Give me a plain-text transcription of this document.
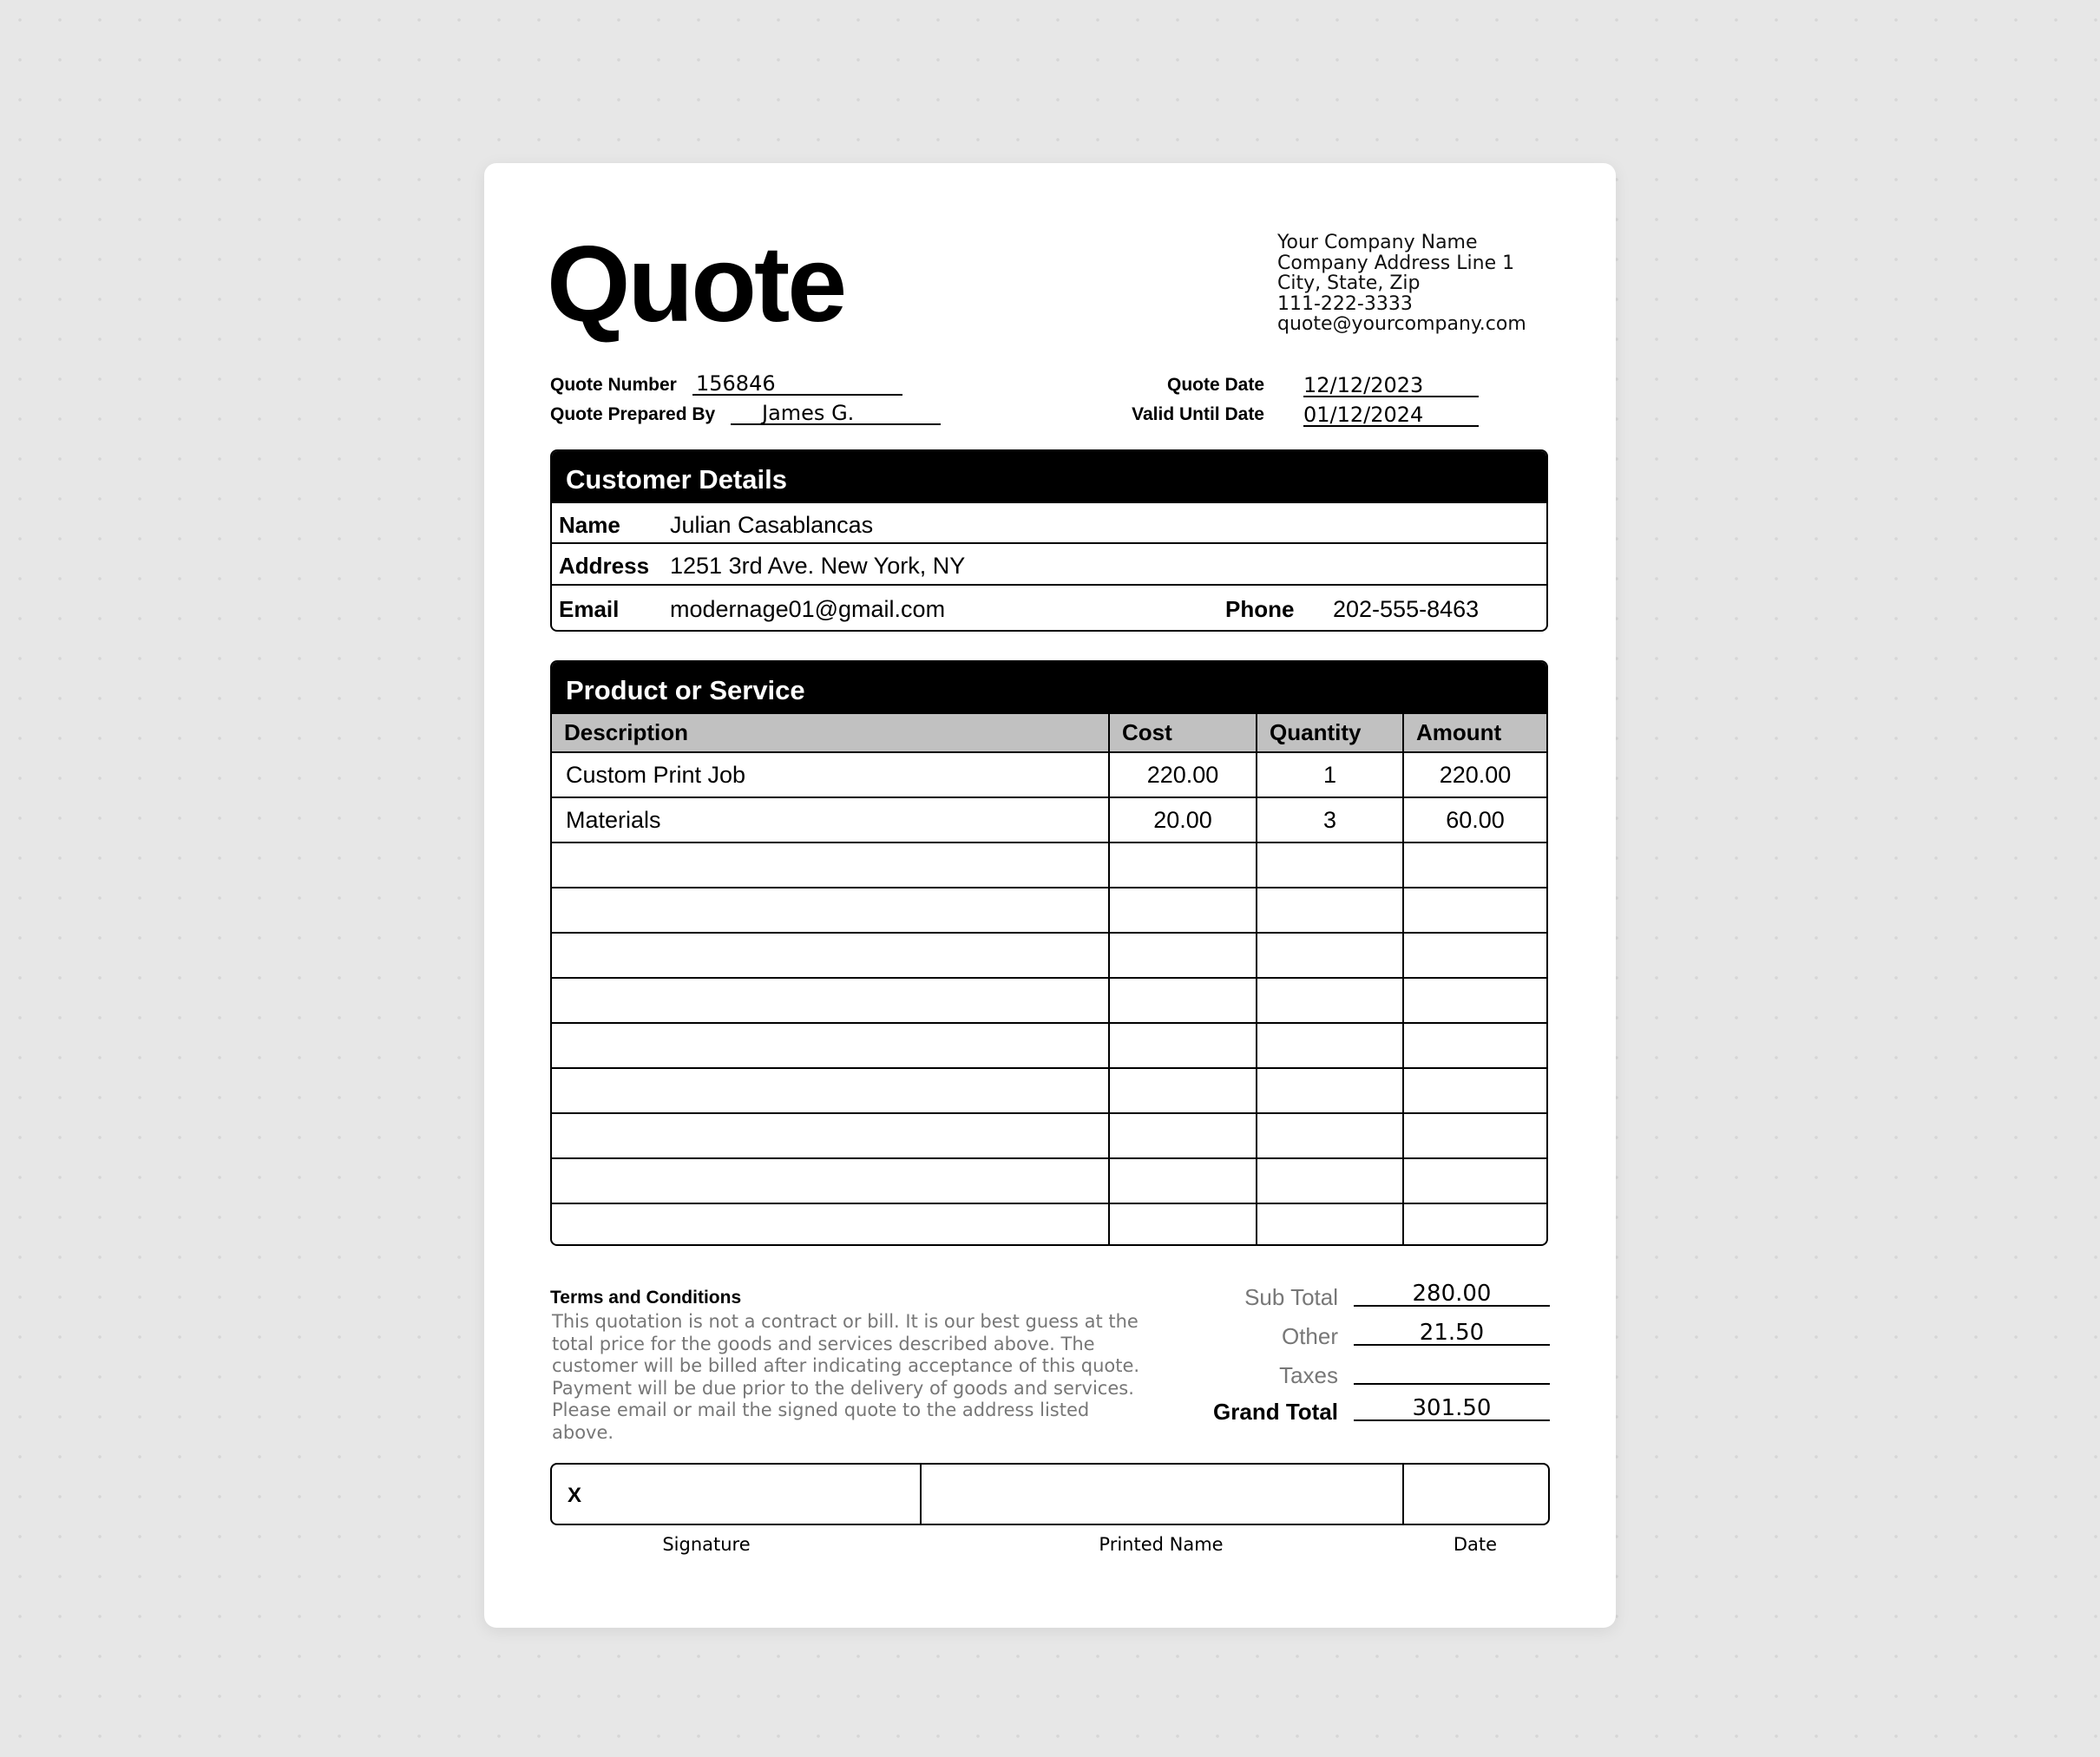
Quote	Your Company Name
Company Address Line 1
City, State, Zip
111-222-3333
quote@yourcompany.com
Quote Number 156846
Quote Prepared By James G.
Quote Date 12/12/2023
Valid Until Date 01/12/2024
Customer Details
Name Julian Casablancas
Address 1251 3rd Ave. New York, NY
Email modernage01@gmail.com	Phone 202-555-8463
Product or Service
Description	Cost	Quantity	Amount
Custom Print Job	220.00	1	220.00
Materials	20.00	3	60.00

Terms and Conditions
This quotation is not a contract or bill. It is our best guess at the
total price for the goods and services described above. The
customer will be billed after indicating acceptance of this quote.
Payment will be due prior to the delivery of goods and services.
Please email or mail the signed quote to the address listed above.
Sub Total	280.00
Other	21.50
Taxes
Grand Total	301.50
X
Signature	Printed Name	Date
